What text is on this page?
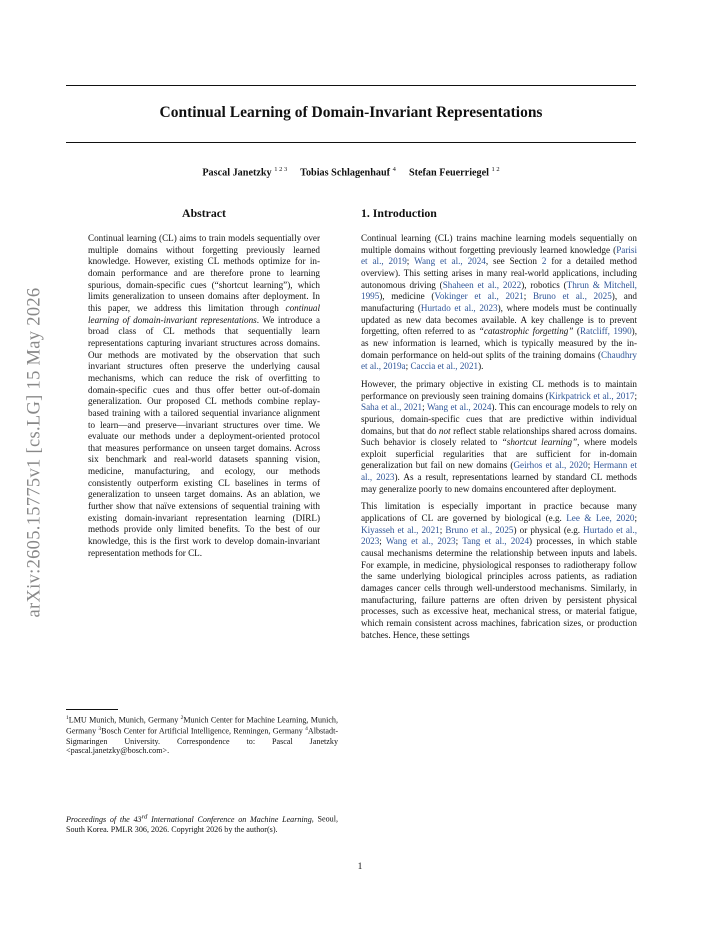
arXiv:2605.15775v1 [cs.LG] 15 May 2026
Continual Learning of Domain-Invariant Representations
Pascal Janetzky $^{1 2 3}$ Tobias Schlagenhauf $^4$ Stefan Feuerriegel $^{1 2}$
Abstract

Continual learning (CL) aims to train models sequentially over multiple domains without forgetting previously learned knowledge. However, existing CL methods optimize for in-domain performance and are therefore prone to learning spurious, domain-specific cues (“shortcut learning”), which limits generalization to unseen domains after deployment. In this paper, we address this limitation through continual learning of domain-invariant representations. We introduce a broad class of CL methods that sequentially learn representations capturing invariant structures across domains. Our methods are motivated by the observation that such invariant structures often preserve the underlying causal mechanisms, which can reduce the risk of overfitting to domain-specific cues and thus offer better out-of-domain generalization. Our proposed CL methods combine replay-based training with a tailored sequential invariance alignment to learn—and preserve—invariant structures over time. We evaluate our methods under a deployment-oriented protocol that measures performance on unseen target domains. Across six benchmark and real-world datasets spanning vision, medicine, manufacturing, and ecology, our methods consistently outperform existing CL baselines in terms of generalization to unseen target domains. As an ablation, we further show that naïve extensions of sequential training with existing domain-invariant representation learning (DIRL) methods provide only limited benefits. To the best of our knowledge, this is the first work to develop domain-invariant representation methods for CL.

$^1$LMU Munich, Munich, Germany $^2$Munich Center for Machine Learning, Munich, Germany $^3$Bosch Center for Artificial Intelligence, Renningen, Germany $^4$Albstadt-Sigmaringen University. Correspondence to: Pascal Janetzky <pascal.janetzky@bosch.com>.

Proceedings of the 43rd International Conference on Machine Learning, Seoul, South Korea. PMLR 306, 2026. Copyright 2026 by the author(s).
1. Introduction

Continual learning (CL) trains machine learning models sequentially on multiple domains without forgetting previously learned knowledge (Parisi et al., 2019; Wang et al., 2024, see Section 2 for a detailed method overview). This setting arises in many real-world applications, including autonomous driving (Shaheen et al., 2022), robotics (Thrun & Mitchell, 1995), medicine (Vokinger et al., 2021; Bruno et al., 2025), and manufacturing (Hurtado et al., 2023), where models must be continually updated as new data becomes available. A key challenge is to prevent forgetting, often referred to as “catastrophic forgetting” (Ratcliff, 1990), as new information is learned, which is typically measured by the in-domain performance on held-out splits of the training domains (Chaudhry et al., 2019a; Caccia et al., 2021).

However, the primary objective in existing CL methods is to maintain performance on previously seen training domains (Kirkpatrick et al., 2017; Saha et al., 2021; Wang et al., 2024). This can encourage models to rely on spurious, domain-specific cues that are predictive within individual domains, but that do not reflect stable relationships shared across domains. Such behavior is closely related to “shortcut learning”, where models exploit superficial regularities that are sufficient for in-domain generalization but fail on new domains (Geirhos et al., 2020; Hermann et al., 2023). As a result, representations learned by standard CL methods may generalize poorly to new domains encountered after deployment.

This limitation is especially important in practice because many applications of CL are governed by biological (e.g. Lee & Lee, 2020; Kiyasseh et al., 2021; Bruno et al., 2025) or physical (e.g. Hurtado et al., 2023; Wang et al., 2023; Tang et al., 2024) processes, in which stable causal mechanisms determine the relationship between inputs and labels. For example, in medicine, physiological responses to radiotherapy follow the same underlying biological principles across patients, as radiation damages cancer cells through well-understood mechanisms. Similarly, in manufacturing, failure patterns are often driven by persistent physical processes, such as excessive heat, mechanical stress, or material fatigue, which remain consistent across machines, fabrication sizes, or production batches. Hence, these settings

1
